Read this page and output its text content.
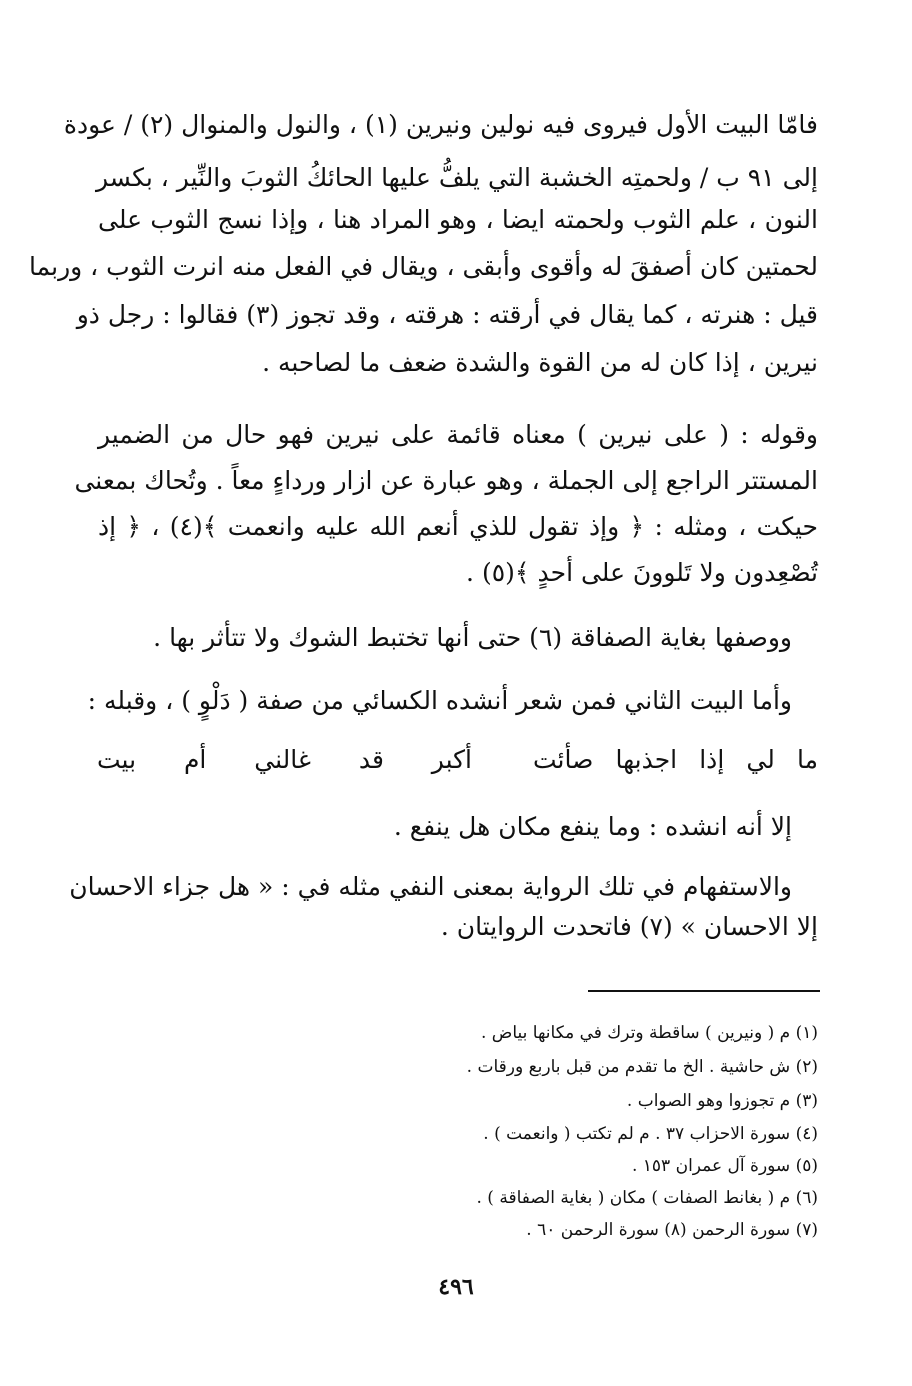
فامّا البيت الأول فيروى فيه نولين ونيرين (١) ، والنول والمنوال (٢) / عودة
إلى ٩١ ب / ولحمتِه الخشبة التي يلفُّ عليها الحائكُ الثوبَ والنِّير ، بكسر
النون ، علم الثوب ولحمته ايضا ، وهو المراد هنا ، وإذا نسج الثوب على
لحمتين كان أصفقَ له وأقوى وأبقى ، ويقال في الفعل منه انرت الثوب ، وربما
قيل : هنرته ، كما يقال في أرقته : هرقته ، وقد تجوز (٣) فقالوا : رجل ذو
نيرين ، إذا كان له من القوة والشدة ضعف ما لصاحبه .
وقوله : ( على نيرين ) معناه قائمة على نيرين فهو حال من الضمير
المستتر الراجع إلى الجملة ، وهو عبارة عن ازار ورداءٍ معاً . وتُحاك بمعنى
حيكت ، ومثله : ﴿ وإذ تقول للذي أنعم الله عليه وانعمت ﴾(٤) ، ﴿ إذ
تُصْعِدون ولا تَلوونَ على أحدٍ ﴾(٥) .
ووصفها بغاية الصفاقة (٦) حتى أنها تختبط الشوك ولا تتأثر بها .
وأما البيت الثاني فمن شعر أنشده الكسائي من صفة ( دَلْوٍ ) ، وقبله :
ما لي إذا اجذبها صأئت
أكبر قد غالني أم بيت
إلا أنه انشده : وما ينفع مكان هل ينفع .
والاستفهام في تلك الرواية بمعنى النفي مثله في : « هل جزاء الاحسان
إلا الاحسان » (٧) فاتحدت الروايتان .
(١) م ( ونيرين ) ساقطة وترك في مكانها بياض .
(٢) ش حاشية . الخ ما تقدم من قبل باربع ورقات .
(٣) م تجوزوا وهو الصواب .
(٤) سورة الاحزاب ٣٧ . م لم تكتب ( وانعمت ) .
(٥) سورة آل عمران ١٥٣ .
(٦) م ( بغانط الصفات ) مكان ( بغاية الصفاقة ) .
(٧) سورة الرحمن (٨) سورة الرحمن ٦٠ .
٤٩٦
